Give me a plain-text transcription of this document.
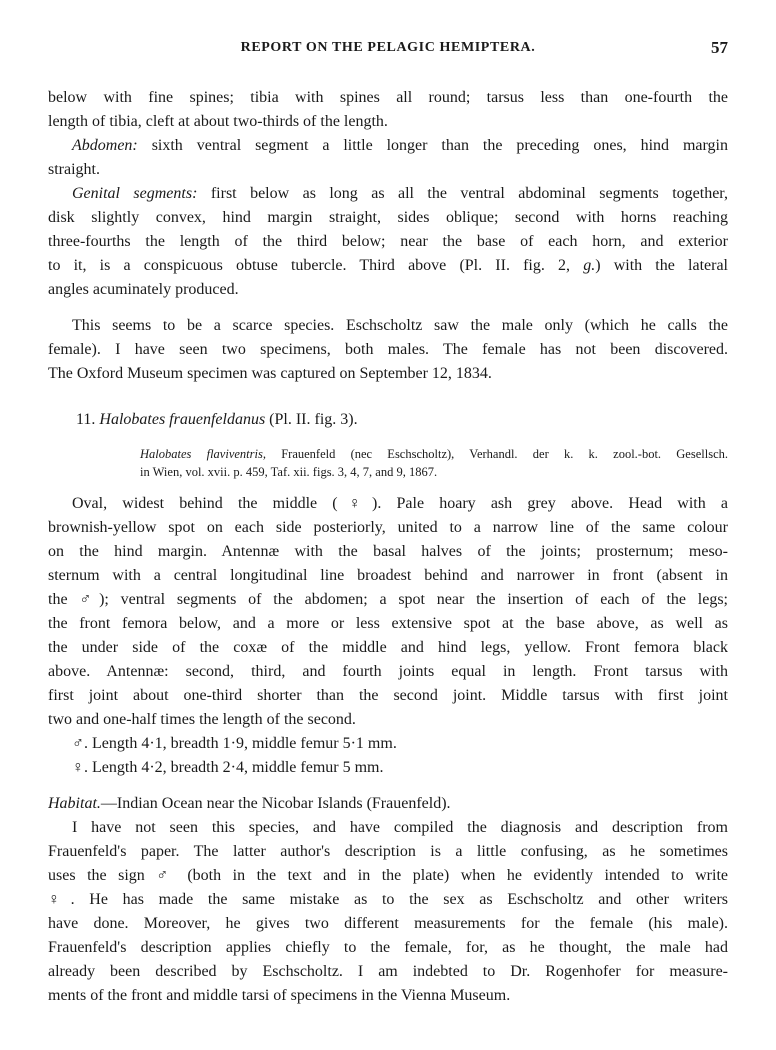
REPORT ON THE PELAGIC HEMIPTERA.	57
below with fine spines; tibia with spines all round; tarsus less than one-fourth the
length of tibia, cleft at about two-thirds of the length.
Abdomen: sixth ventral segment a little longer than the preceding ones, hind margin
straight.
Genital segments: first below as long as all the ventral abdominal segments together,
disk slightly convex, hind margin straight, sides oblique; second with horns reaching
three-fourths the length of the third below; near the base of each horn, and exterior
to it, is a conspicuous obtuse tubercle. Third above (Pl. II. fig. 2, g.) with the lateral
angles acuminately produced.
This seems to be a scarce species. Eschscholtz saw the male only (which he calls the
female). I have seen two specimens, both males. The female has not been discovered.
The Oxford Museum specimen was captured on September 12, 1834.
11. Halobates frauenfeldanus (Pl. II. fig. 3).
Halobates flaviventris, Frauenfeld (nec Eschscholtz), Verhandl. der k. k. zool.-bot. Gesellsch.
in Wien, vol. xvii. p. 459, Taf. xii. figs. 3, 4, 7, and 9, 1867.
Oval, widest behind the middle (♀). Pale hoary ash grey above. Head with a
brownish-yellow spot on each side posteriorly, united to a narrow line of the same colour
on the hind margin. Antennæ with the basal halves of the joints; prosternum; meso-
sternum with a central longitudinal line broadest behind and narrower in front (absent in
the ♂); ventral segments of the abdomen; a spot near the insertion of each of the legs;
the front femora below, and a more or less extensive spot at the base above, as well as
the under side of the coxæ of the middle and hind legs, yellow. Front femora black
above. Antennæ: second, third, and fourth joints equal in length. Front tarsus with
first joint about one-third shorter than the second joint. Middle tarsus with first joint
two and one-half times the length of the second.
♂. Length 4·1, breadth 1·9, middle femur 5·1 mm.
♀. Length 4·2, breadth 2·4, middle femur 5 mm.
Habitat.—Indian Ocean near the Nicobar Islands (Frauenfeld).
I have not seen this species, and have compiled the diagnosis and description from
Frauenfeld's paper. The latter author's description is a little confusing, as he sometimes
uses the sign ♂ (both in the text and in the plate) when he evidently intended to write
♀. He has made the same mistake as to the sex as Eschscholtz and other writers
have done. Moreover, he gives two different measurements for the female (his male).
Frauenfeld's description applies chiefly to the female, for, as he thought, the male had
already been described by Eschscholtz. I am indebted to Dr. Rogenhofer for measure-
ments of the front and middle tarsi of specimens in the Vienna Museum.
